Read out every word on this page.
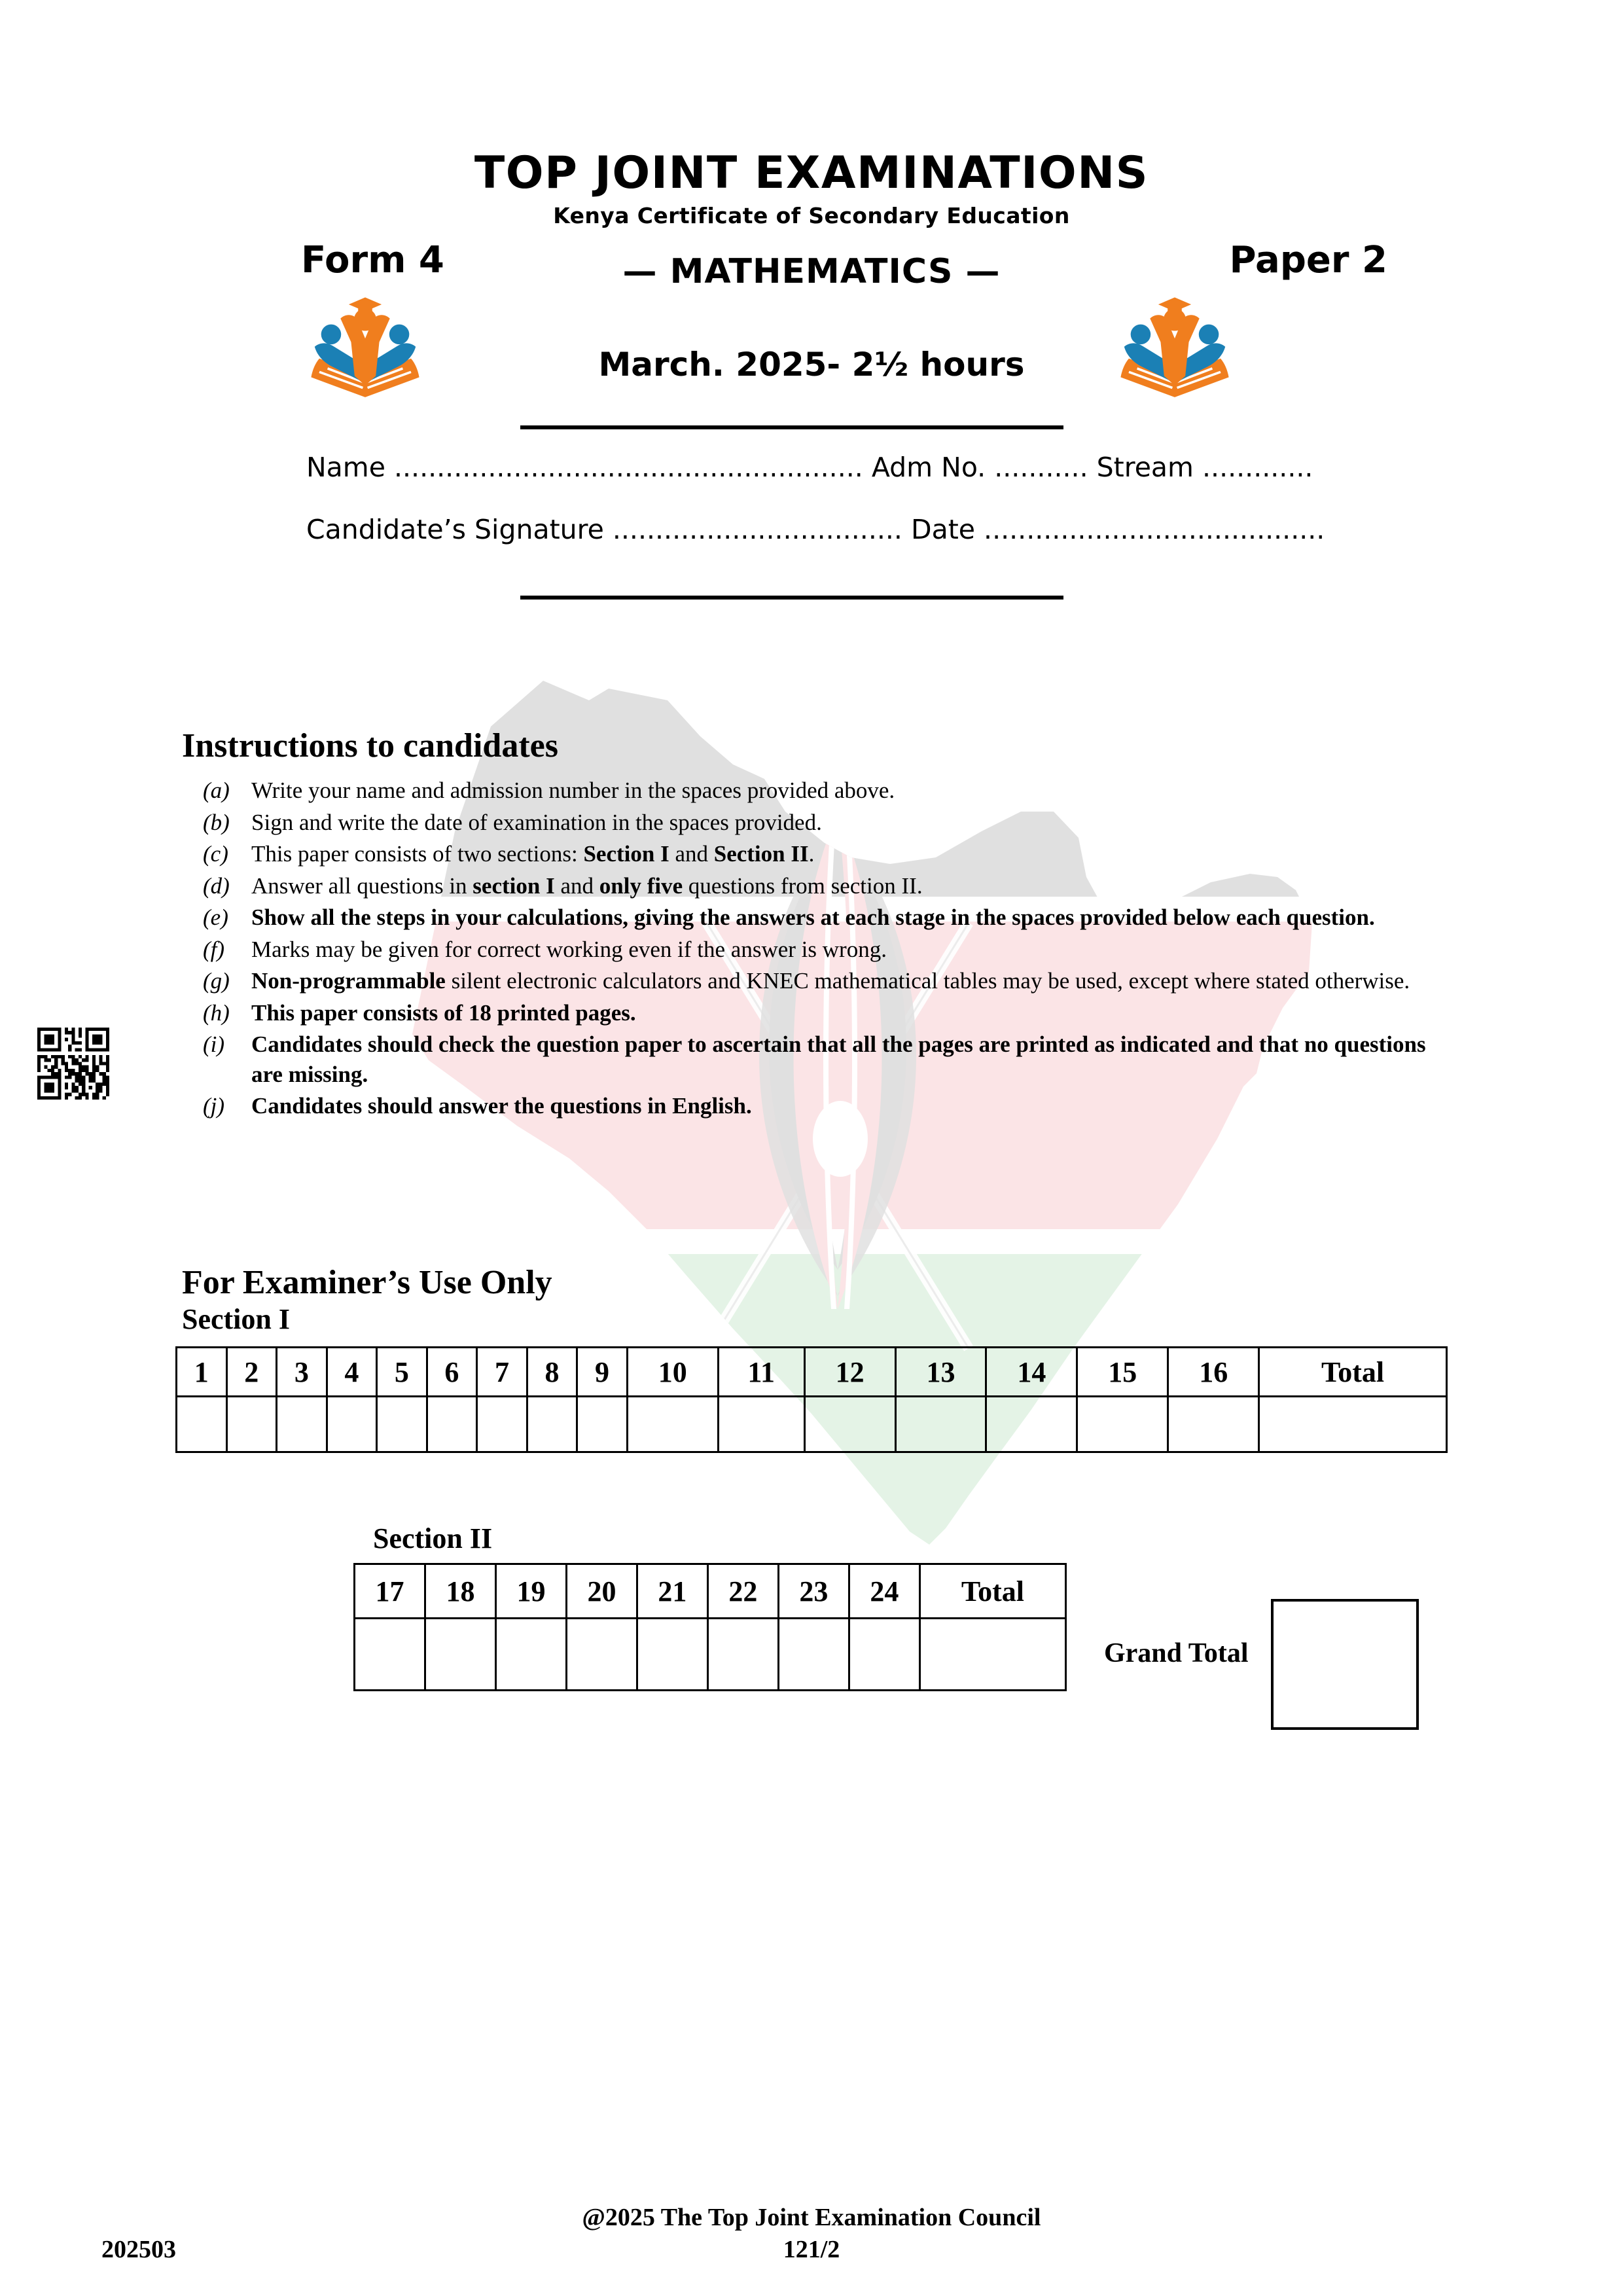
TOP JOINT EXAMINATIONS
Kenya Certificate of Secondary Education
Form 4	— MATHEMATICS —	Paper 2
March. 2025- 2½ hours
Name ....................................................... Adm No. ........... Stream .............
Candidate’s Signature .................................. Date ........................................
Instructions to candidates
(a) Write your name and admission number in the spaces provided above.
(b) Sign and write the date of examination in the spaces provided.
(c)	This paper consists of two sections: Section I and Section II.
(d) Answer all questions in section I and only five questions from section II.
(e)	Show all the steps in your calculations, giving the answers at each stage in the spaces provided below each question.
(f)	Marks may be given for correct working even if the answer is wrong.
(g) Non-programmable silent electronic calculators and KNEC mathematical tables may be used, except where stated otherwise.
(h) This paper consists of 18 printed pages.
(i)	Candidates should check the question paper to ascertain that all the pages are printed as indicated and that no questions are missing.
(j)	Candidates should answer the questions in English.
For Examiner’s Use Only
Section I
1	2	3	4	5	6	7	8	9	10	11	12	13	14	15	16	Total

Section II
17	18	19	20	21	22	23	24	Total

Grand Total
202503
@2025 The Top Joint Examination Council
121/2
